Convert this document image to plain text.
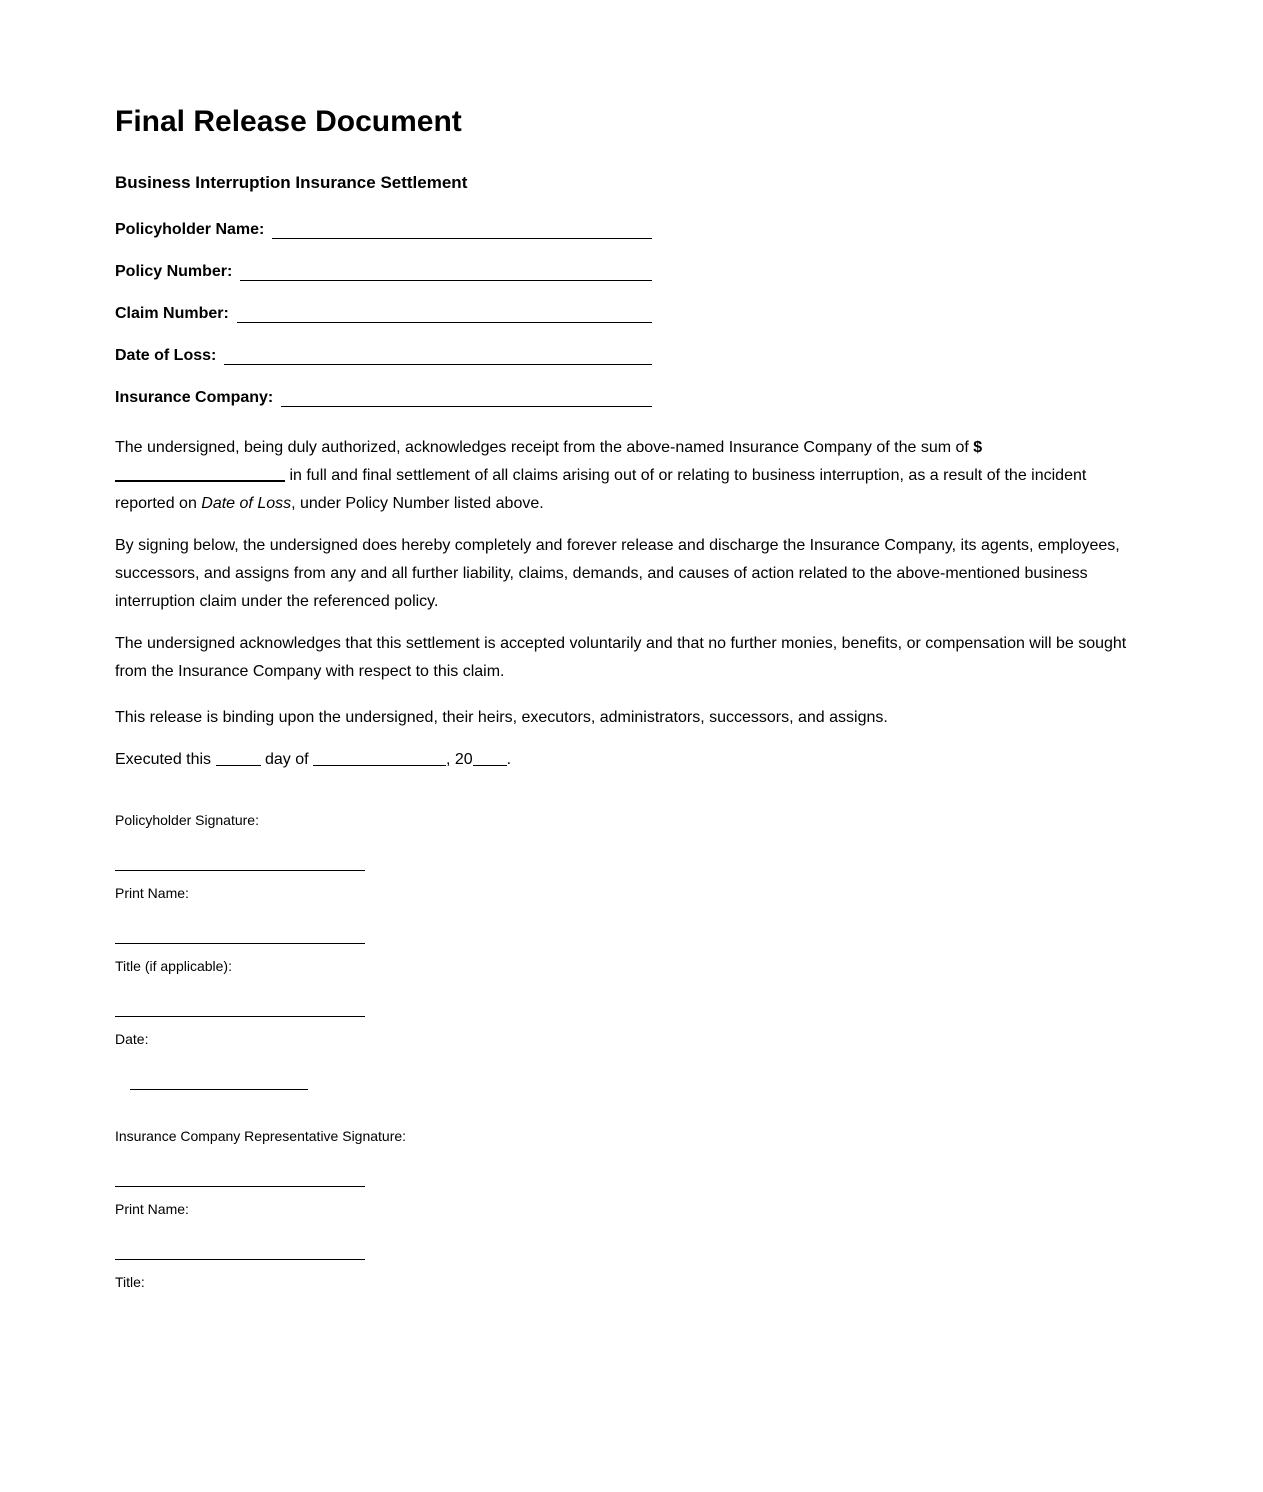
Final Release Document
Business Interruption Insurance Settlement
Policyholder Name:
Policy Number:
Claim Number:
Date of Loss:
Insurance Company:

The undersigned, being duly authorized, acknowledges receipt from the above-named Insurance Company of the sum of $ in full and final settlement of all claims arising out of or relating to business interruption, as a result of the incident reported on Date of Loss, under Policy Number listed above.

By signing below, the undersigned does hereby completely and forever release and discharge the Insurance Company, its agents, employees, successors, and assigns from any and all further liability, claims, demands, and causes of action related to the above-mentioned business interruption claim under the referenced policy.

The undersigned acknowledges that this settlement is accepted voluntarily and that no further monies, benefits, or compensation will be sought from the Insurance Company with respect to this claim.

This release is binding upon the undersigned, their heirs, executors, administrators, successors, and assigns.

Executed this	day of	, 20 .

Policyholder Signature:

Print Name:

Title (if applicable):

Date:

Insurance Company Representative Signature:

Print Name:

Title:
